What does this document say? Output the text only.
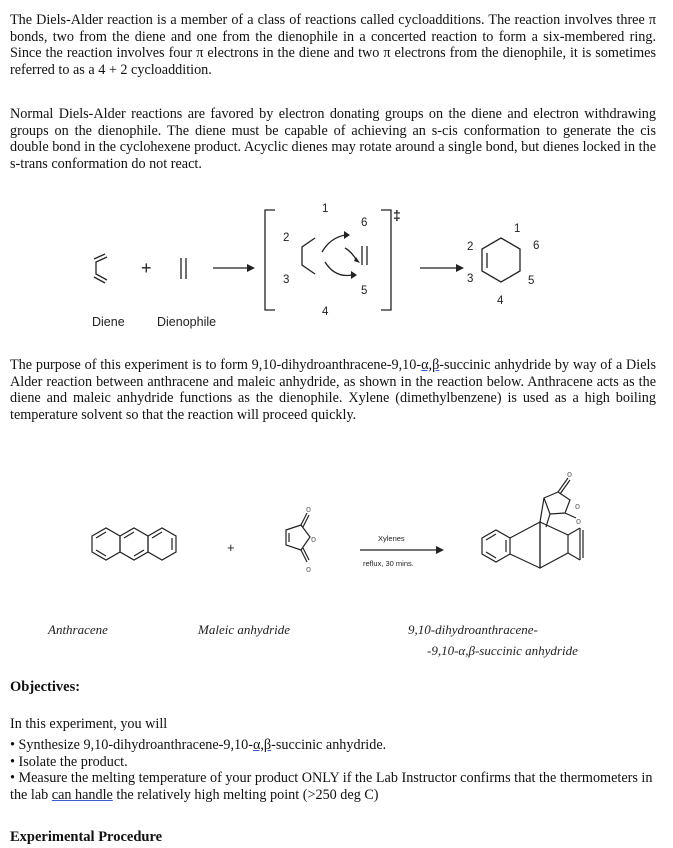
The Diels-Alder reaction is a member of a class of reactions called cycloadditions. The reaction involves three π bonds, two from the diene and one from the dienophile in a concerted reaction to form a six-membered ring. Since the reaction involves four π electrons in the diene and two π electrons from the dienophile, it is sometimes referred to as a 4 + 2 cycloaddition.
Normal Diels-Alder reactions are favored by electron donating groups on the diene and electron withdrawing groups on the dienophile. The diene must be capable of achieving an s-cis conformation to generate the cis double bond in the cyclohexene product. Acyclic dienes may rotate around a single bond, but dienes locked in the s-trans conformation do not react.
+
‡
1
2
3
4
5
6	1
2
3
4
5
6
Diene	Dienophile
The purpose of this experiment is to form 9,10-dihydroanthracene-9,10-α,β-succinic anhydride by way of a Diels Alder reaction between anthracene and maleic anhydride, as shown in the reaction below. Anthracene acts as the diene and maleic anhydride functions as the dienophile. Xylene (dimethylbenzene) is used as a high boiling temperature solvent so that the reaction will proceed quickly.
+
o
o
o
o
o
o
Xylenes
reflux, 30 mins.
Anthracene	Maleic anhydride	9,10-dihydroanthracene-
-9,10-α,β-succinic anhydride
Objectives:
In this experiment, you will
• Synthesize 9,10-dihydroanthracene-9,10-α,β-succinic anhydride.
• Isolate the product.
• Measure the melting temperature of your product ONLY if the Lab Instructor confirms that the thermometers in the lab can handle the relatively high melting point (>250 deg C)
Experimental Procedure
